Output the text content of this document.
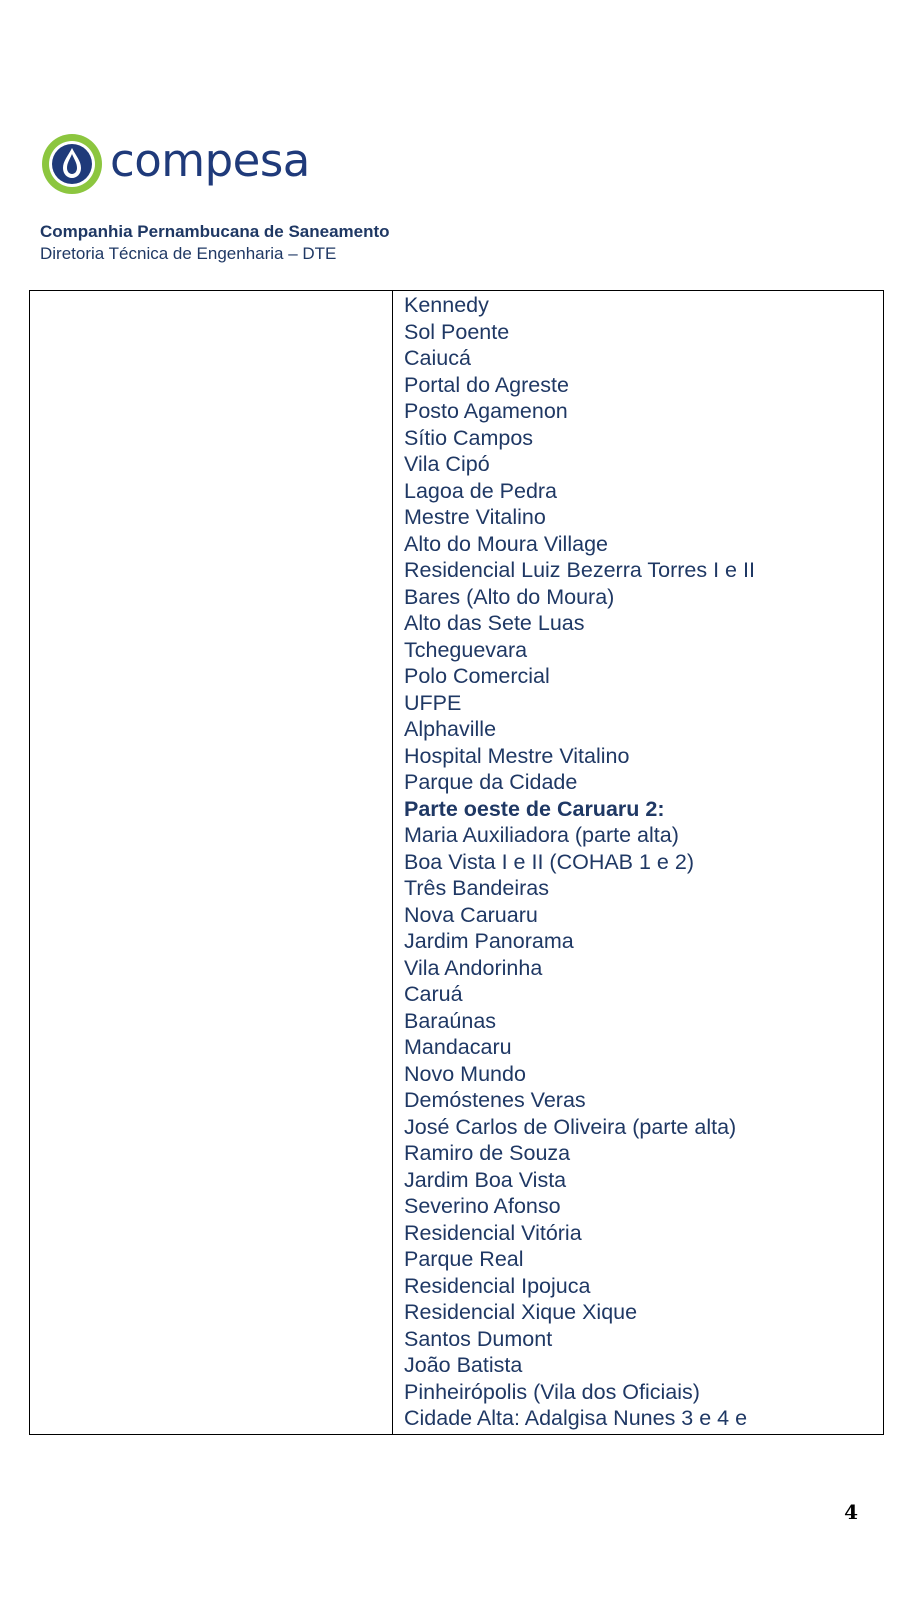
compesa
Companhia Pernambucana de Saneamento
Diretoria Técnica de Engenharia – DTE
Kennedy
Sol Poente
Caiucá
Portal do Agreste
Posto Agamenon
Sítio Campos
Vila Cipó
Lagoa de Pedra
Mestre Vitalino
Alto do Moura Village
Residencial Luiz Bezerra Torres I e II
Bares (Alto do Moura)
Alto das Sete Luas
Tcheguevara
Polo Comercial
UFPE
Alphaville
Hospital Mestre Vitalino
Parque da Cidade
Parte oeste de Caruaru 2:
Maria Auxiliadora (parte alta)
Boa Vista I e II (COHAB 1 e 2)
Três Bandeiras
Nova Caruaru
Jardim Panorama
Vila Andorinha
Caruá
Baraúnas
Mandacaru
Novo Mundo
Demóstenes Veras
José Carlos de Oliveira (parte alta)
Ramiro de Souza
Jardim Boa Vista
Severino Afonso
Residencial Vitória
Parque Real
Residencial Ipojuca
Residencial Xique Xique
Santos Dumont
João Batista
Pinheirópolis (Vila dos Oficiais)
Cidade Alta: Adalgisa Nunes 3 e 4 e
4
